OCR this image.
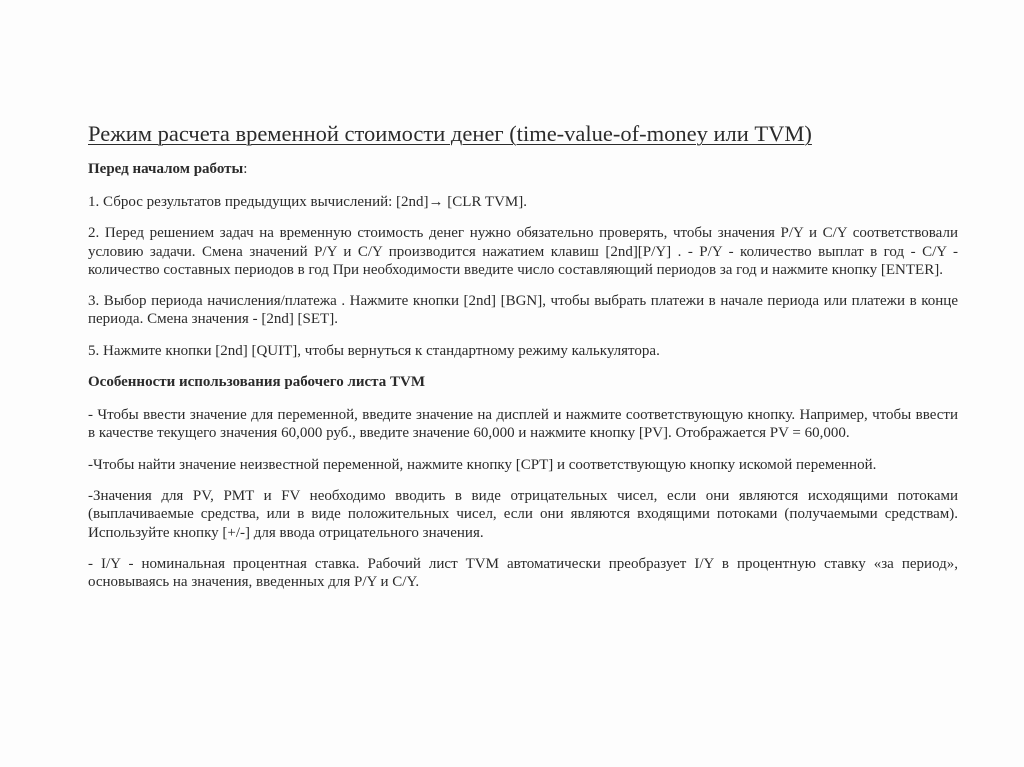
Режим расчета временной стоимости денег (time-value-of-money или TVM)
Перед началом работы:

1. Сброс результатов предыдущих вычислений: [2nd]→ [CLR TVM].

2. Перед решением задач на временную стоимость денег нужно обязательно проверять, чтобы значения P/Y и C/Y соответствовали условию задачи. Смена значений P/Y и C/Y производится нажатием клавиш [2nd][P/Y] . - P/Y - количество выплат в год - C/Y - количество составных периодов в год При необходимости введите число составляющий периодов за год и нажмите кнопку [ENTER].

3. Выбор периода начисления/платежа . Нажмите кнопки [2nd] [BGN], чтобы выбрать платежи в начале периода или платежи в конце периода. Смена значения - [2nd] [SET].

5. Нажмите кнопки [2nd] [QUIT], чтобы вернуться к стандартному режиму калькулятора.

Особенности использования рабочего листа TVM

- Чтобы ввести значение для переменной, введите значение на дисплей и нажмите соответствующую кнопку. Например, чтобы ввести в качестве текущего значения 60,000 руб., введите значение 60,000 и нажмите кнопку [PV]. Отображается PV = 60,000.

-Чтобы найти значение неизвестной переменной, нажмите кнопку [CPT] и соответствующую кнопку искомой переменной.

-Значения для PV, PMT и FV необходимо вводить в виде отрицательных чисел, если они являются исходящими потоками (выплачиваемые средства, или в виде положительных чисел, если они являются входящими потоками (получаемыми средствам). Используйте кнопку [+/-] для ввода отрицательного значения.

- I/Y - номинальная процентная ставка. Рабочий лист TVM автоматически преобразует I/Y в процентную ставку «за период», основываясь на значения, введенных для P/Y и C/Y.
